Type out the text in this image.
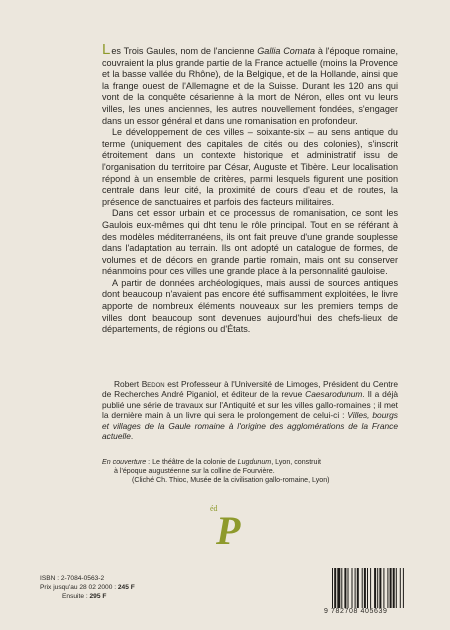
Les Trois Gaules, nom de l'ancienne Gallia Comata à l'époque romaine, couvraient la plus grande partie de la France actuelle (moins la Provence et la basse vallée du Rhône), de la Belgique, et de la Hollande, ainsi que la frange ouest de l'Allemagne et de la Suisse. Durant les 120 ans qui vont de la conquête césarienne à la mort de Néron, elles ont vu leurs villes, les unes anciennes, les autres nouvellement fondées, s'engager dans un essor général et dans une romanisation en profondeur.

Le développement de ces villes – soixante-six – au sens antique du terme (uniquement des capitales de cités ou des colonies), s'inscrit étroitement dans un contexte historique et administratif issu de l'organisation du territoire par César, Auguste et Tibère. Leur localisation répond à un ensemble de critères, parmi lesquels figurent une position centrale dans leur cité, la proximité de cours d'eau et de routes, la présence de sanctuaires et parfois des facteurs militaires.

Dans cet essor urbain et ce processus de romanisation, ce sont les Gaulois eux-mêmes qui dht tenu le rôle principal. Tout en se référant à des modèles méditerranéens, ils ont fait preuve d'une grande souplesse dans l'adaptation au terrain. Ils ont adopté un catalogue de formes, de volumes et de décors en grande partie romain, mais ont su conserver néanmoins pour ces villes une grande place à la personnalité gauloise.

A partir de données archéologiques, mais aussi de sources antiques dont beaucoup n'avaient pas encore été suffisamment exploitées, le livre apporte de nombreux éléments nouveaux sur les premiers temps de villes dont beaucoup sont devenues aujourd'hui des chefs-lieux de départements, de régions ou d'États.

Robert Bedon est Professeur à l'Université de Limoges, Président du Centre de Recherches André Piganiol, et éditeur de la revue Caesarodunum. Il a déjà publié une série de travaux sur l'Antiquité et sur les villes gallo-romaines ; il met la dernière main à un livre qui sera le prolongement de celui-ci : Villes, bourgs et villages de la Gaule romaine à l'origine des agglomérations de la France actuelle.

En couverture : Le théâtre de la colonie de Lugdunum, Lyon, construit
à l'époque augustéenne sur la colline de Fourvière.
(Cliché Ch. Thioc, Musée de la civilisation gallo-romaine, Lyon)
éd
P
ISBN : 2-7084-0563-2
Prix jusqu'au 28 02 2000 : 245 F
Ensuite : 295 F
9 782708 405639
